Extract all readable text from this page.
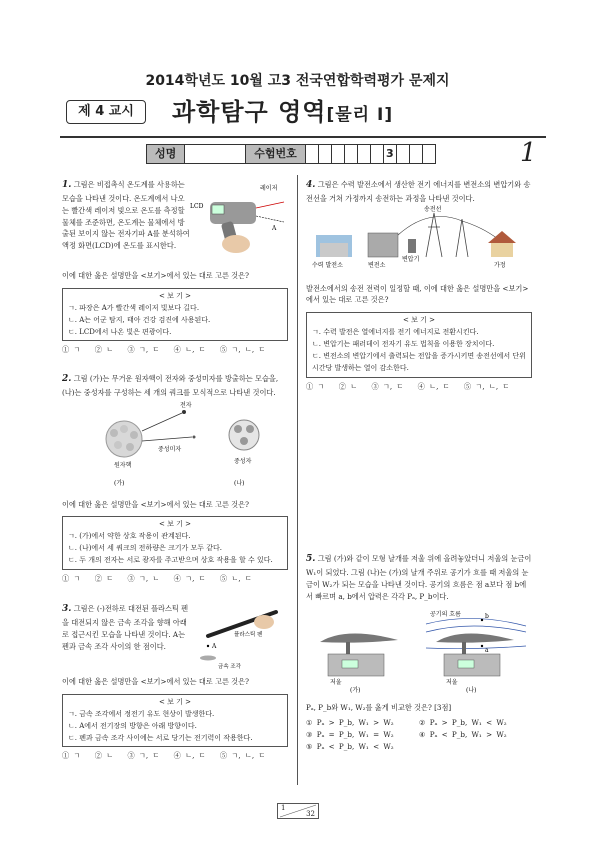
2014학년도 10월 고3 전국연합학력평가 문제지
제 4 교시	과학탐구 영역[물리 Ⅰ]
성명	수험번호	3	1
1. 그림은 비접촉식 온도계를 사용하는 모습을 나타낸 것이다. 온도계에서 나오는 빨간색 레이저 빛으로 온도를 측정할 물체를 조준하면, 온도계는 물체에서 방출된 보이지 않는 전자기파 A를 분석하여 액정 화면(LCD)에 온도를 표시한다.
레이저
LCD
A
이에 대한 옳은 설명만을 <보기>에서 있는 대로 고른 것은?
< 보 기 >
ㄱ. 파장은 A가 빨간색 레이저 빛보다 길다.
ㄴ. A는 어군 탐지, 태아 건강 검진에 사용된다.
ㄷ. LCD에서 나온 빛은 편광이다.
① ㄱ ② ㄴ ③ ㄱ, ㄷ ④ ㄴ, ㄷ ⑤ ㄱ, ㄴ, ㄷ
2. 그림 (가)는 무거운 원자핵이 전자와 중성미자를 방출하는 모습을, (나)는 중성자를 구성하는 세 개의 쿼크를 모식적으로 나타낸 것이다.
전자
중성미자
원자핵
(가)
중성자
(나)
이에 대한 옳은 설명만을 <보기>에서 있는 대로 고른 것은?
< 보 기 >
ㄱ. (가)에서 약한 상호 작용이 관계된다.
ㄴ. (나)에서 세 쿼크의 전하량은 크기가 모두 같다.
ㄷ. 두 개의 전자는 서로 광자를 주고받으며 상호 작용을 할 수 있다.
① ㄱ ② ㄷ ③ ㄱ, ㄴ ④ ㄱ, ㄷ ⑤ ㄴ, ㄷ
3. 그림은 (-)전하로 대전된 플라스틱 펜을 대전되지 않은 금속 조각을 향해 아래로 접근시킨 모습을 나타낸 것이다. A는 펜과 금속 조각 사이의 한 점이다.	A
플라스틱 펜
금속 조각
이에 대한 옳은 설명만을 <보기>에서 있는 대로 고른 것은?
< 보 기 >
ㄱ. 금속 조각에서 정전기 유도 현상이 발생한다.
ㄴ. A에서 전기장의 방향은 아래 방향이다.
ㄷ. 펜과 금속 조각 사이에는 서로 당기는 전기력이 작용한다.
① ㄱ ② ㄴ ③ ㄱ, ㄷ ④ ㄴ, ㄷ ⑤ ㄱ, ㄴ, ㄷ
4. 그림은 수력 발전소에서 생산한 전기 에너지를 변전소의 변압기와 송전선을 거쳐 가정까지 송전하는 과정을 나타낸 것이다.
송전선
수력 발전소	변전소
변압기
가정
발전소에서의 송전 전력이 일정할 때, 이에 대한 옳은 설명만을 <보기>에서 있는 대로 고른 것은?
< 보 기 >
ㄱ. 수력 발전은 열에너지를 전기 에너지로 전환시킨다.
ㄴ. 변압기는 패러데이 전자기 유도 법칙을 이용한 장치이다.
ㄷ. 변전소의 변압기에서 출력되는 전압을 증가시키면 송전선에서 단위 시간당 발생하는 열이 감소한다.
① ㄱ ② ㄴ ③ ㄱ, ㄷ ④ ㄴ, ㄷ ⑤ ㄱ, ㄴ, ㄷ
5. 그림 (가)와 같이 모형 날개를 저울 위에 올려놓았더니 저울의 눈금이 W₁이 되었다. 그림 (나)는 (가)의 날개 주위로 공기가 흐를 때 저울의 눈금이 W₂가 되는 모습을 나타낸 것이다. 공기의 흐름은 점 a보다 점 b에서 빠르며 a, b에서 압력은 각각 Pₐ, P_b이다.
저울
(가)
b
a
공기의 흐름
저울
(나)
Pₐ, P_b와 W₁, W₂를 옳게 비교한 것은? [3점]
① Pₐ > P_b, W₁ > W₂	② Pₐ > P_b, W₁ < W₂
③ Pₐ = P_b, W₁ = W₂	④ Pₐ < P_b, W₁ > W₂
⑤ Pₐ < P_b, W₁ < W₂
1
32
